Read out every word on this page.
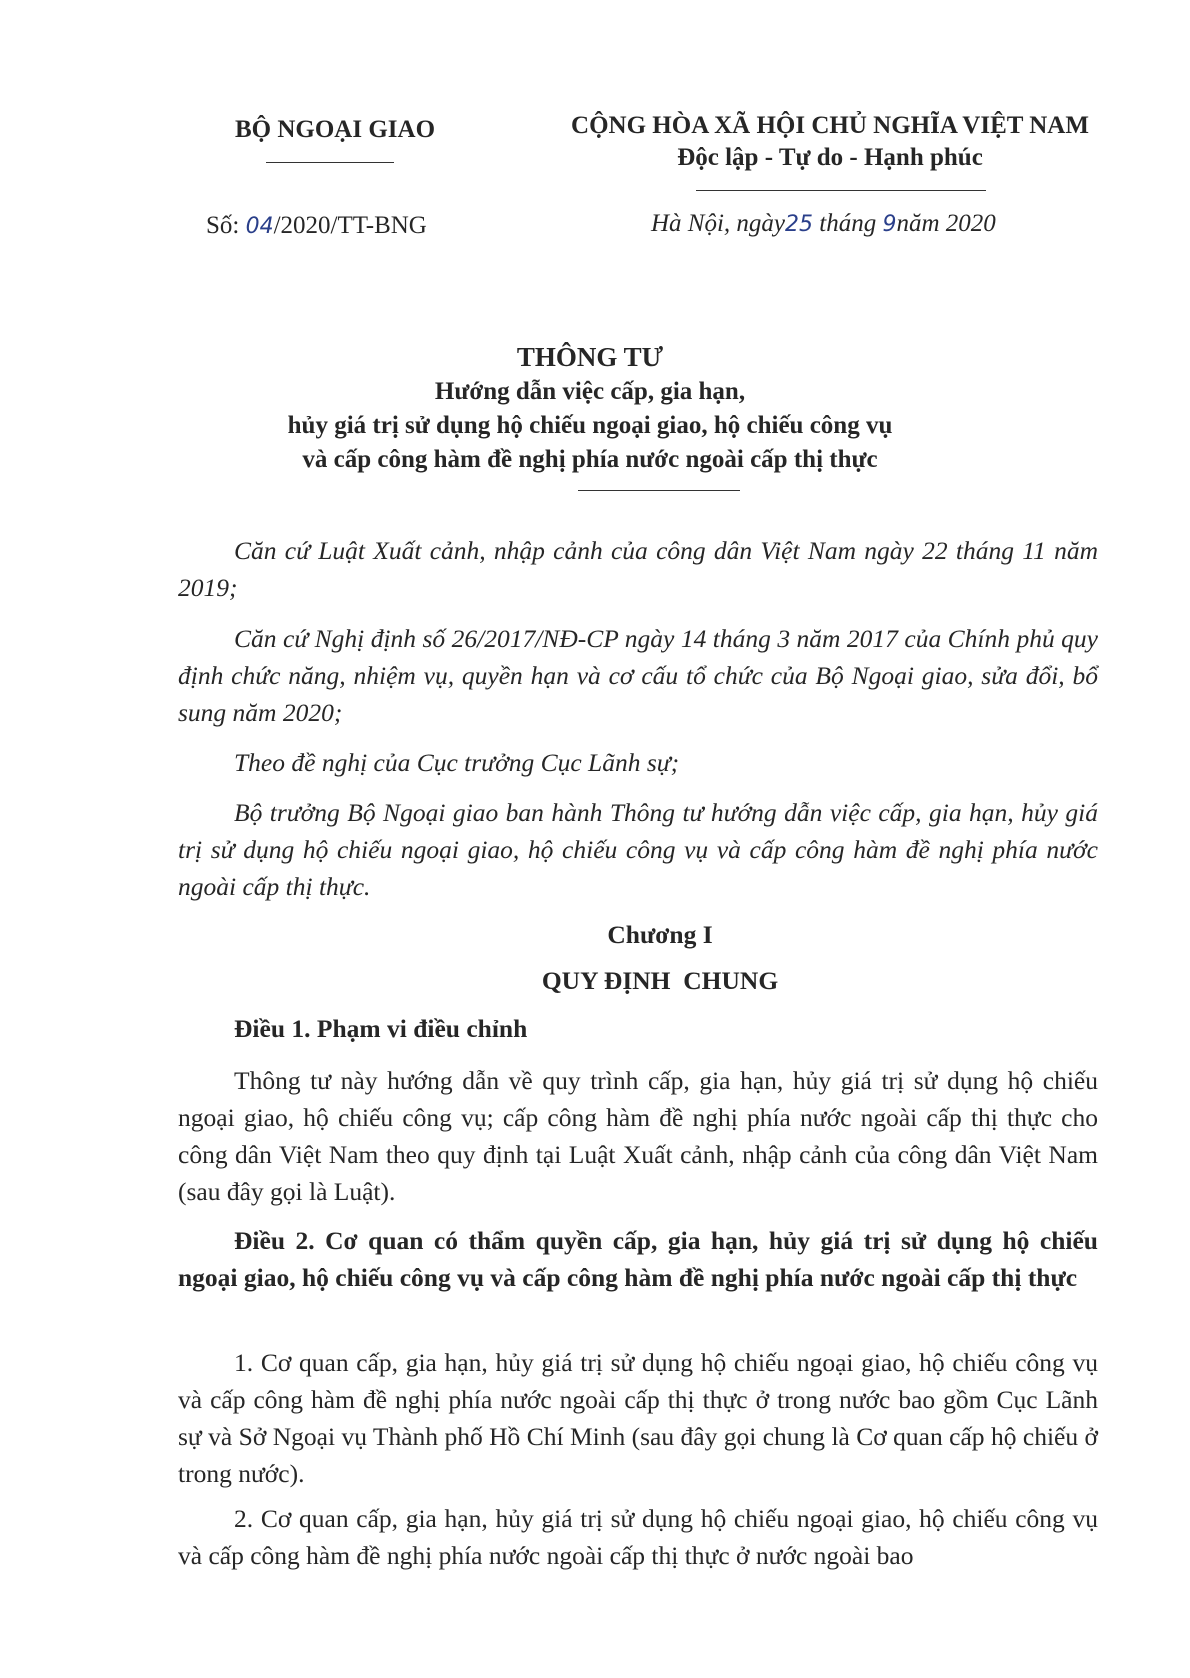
BỘ NGOẠI GIAO	CỘNG HÒA XÃ HỘI CHỦ NGHĨA VIỆT NAM
Độc lập - Tự do - Hạnh phúc
Số: 04/2020/TT-BNG	Hà Nội, ngày25 tháng 9năm 2020
THÔNG TƯ
Hướng dẫn việc cấp, gia hạn,
hủy giá trị sử dụng hộ chiếu ngoại giao, hộ chiếu công vụ
và cấp công hàm đề nghị phía nước ngoài cấp thị thực
Căn cứ Luật Xuất cảnh, nhập cảnh của công dân Việt Nam ngày 22 tháng 11 năm 2019;
Căn cứ Nghị định số 26/2017/NĐ-CP ngày 14 tháng 3 năm 2017 của Chính phủ quy định chức năng, nhiệm vụ, quyền hạn và cơ cấu tổ chức của Bộ Ngoại giao, sửa đổi, bổ sung năm 2020;
Theo đề nghị của Cục trưởng Cục Lãnh sự;
Bộ trưởng Bộ Ngoại giao ban hành Thông tư hướng dẫn việc cấp, gia hạn, hủy giá trị sử dụng hộ chiếu ngoại giao, hộ chiếu công vụ và cấp công hàm đề nghị phía nước ngoài cấp thị thực.
Chương I
QUY ĐỊNH  CHUNG
Điều 1. Phạm vi điều chỉnh
Thông tư này hướng dẫn về quy trình cấp, gia hạn, hủy giá trị sử dụng hộ chiếu ngoại giao, hộ chiếu công vụ; cấp công hàm đề nghị phía nước ngoài cấp thị thực cho công dân Việt Nam theo quy định tại Luật Xuất cảnh, nhập cảnh của công dân Việt Nam (sau đây gọi là Luật).
Điều 2. Cơ quan có thẩm quyền cấp, gia hạn, hủy giá trị sử dụng hộ chiếu ngoại giao, hộ chiếu công vụ và cấp công hàm đề nghị phía nước ngoài cấp thị thực
1. Cơ quan cấp, gia hạn, hủy giá trị sử dụng hộ chiếu ngoại giao, hộ chiếu công vụ và cấp công hàm đề nghị phía nước ngoài cấp thị thực ở trong nước bao gồm Cục Lãnh sự và Sở Ngoại vụ Thành phố Hồ Chí Minh (sau đây gọi chung là Cơ quan cấp hộ chiếu ở trong nước).
2. Cơ quan cấp, gia hạn, hủy giá trị sử dụng hộ chiếu ngoại giao, hộ chiếu công vụ và cấp công hàm đề nghị phía nước ngoài cấp thị thực ở nước ngoài bao
